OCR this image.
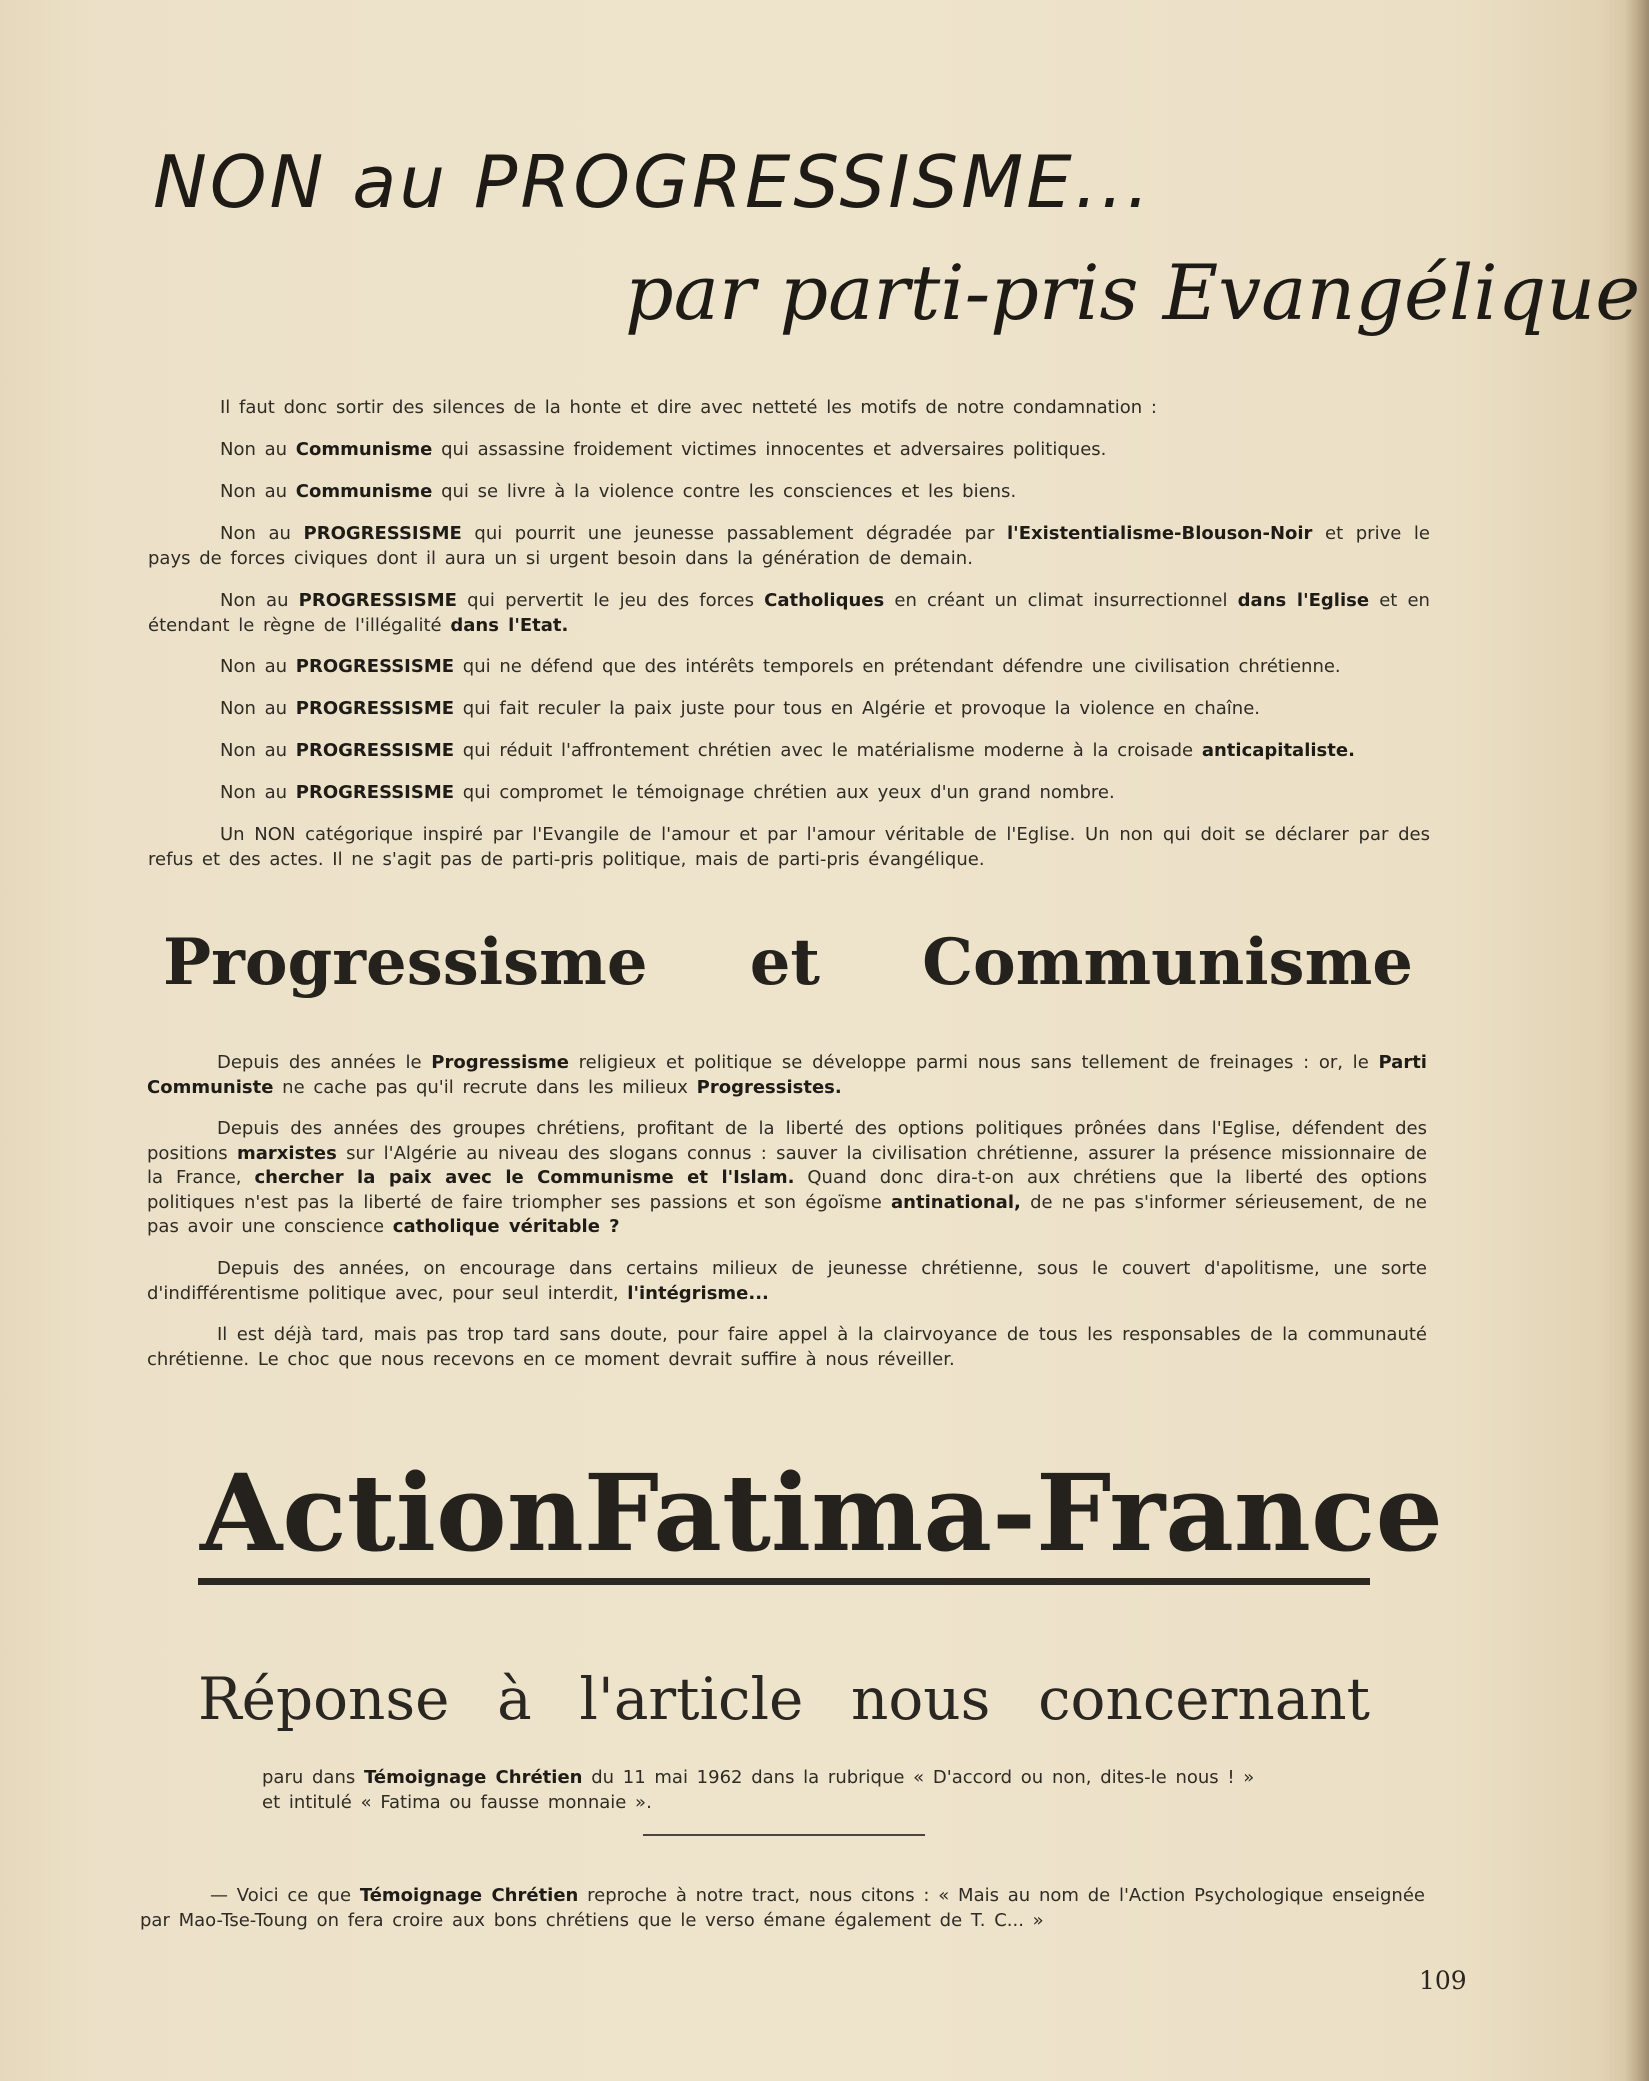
NON au PROGRESSISME...
par parti-pris Evangélique
Il faut donc sortir des silences de la honte et dire avec netteté les motifs de notre condamnation :
Non au Communisme qui assassine froidement victimes innocentes et adversaires politiques.
Non au Communisme qui se livre à la violence contre les consciences et les biens.
Non au PROGRESSISME qui pourrit une jeunesse passablement dégradée par l'Existentialisme-Blouson-Noir et prive le pays de forces civiques dont il aura un si urgent besoin dans la génération de demain.
Non au PROGRESSISME qui pervertit le jeu des forces Catholiques en créant un climat insurrectionnel dans l'Eglise et en étendant le règne de l'illégalité dans l'Etat.
Non au PROGRESSISME qui ne défend que des intérêts temporels en prétendant défendre une civilisation chrétienne.
Non au PROGRESSISME qui fait reculer la paix juste pour tous en Algérie et provoque la violence en chaîne.
Non au PROGRESSISME qui réduit l'affrontement chrétien avec le matérialisme moderne à la croisade anticapitaliste.
Non au PROGRESSISME qui compromet le témoignage chrétien aux yeux d'un grand nombre.
Un NON catégorique inspiré par l'Evangile de l'amour et par l'amour véritable de l'Eglise. Un non qui doit se déclarer par des refus et des actes. Il ne s'agit pas de parti-pris politique, mais de parti-pris évangélique.
Progressisme et Communisme
Depuis des années le Progressisme religieux et politique se développe parmi nous sans tellement de freinages : or, le Parti Communiste ne cache pas qu'il recrute dans les milieux Progressistes.
Depuis des années des groupes chrétiens, profitant de la liberté des options politiques prônées dans l'Eglise, défendent des positions marxistes sur l'Algérie au niveau des slogans connus : sauver la civilisation chrétienne, assurer la présence missionnaire de la France, chercher la paix avec le Communisme et l'Islam. Quand donc dira-t-on aux chrétiens que la liberté des options politiques n'est pas la liberté de faire triompher ses passions et son égoïsme antinational, de ne pas s'informer sérieusement, de ne pas avoir une conscience catholique véritable ?
Depuis des années, on encourage dans certains milieux de jeunesse chrétienne, sous le couvert d'apolitisme, une sorte d'indifférentisme politique avec, pour seul interdit, l'intégrisme...
Il est déjà tard, mais pas trop tard sans doute, pour faire appel à la clairvoyance de tous les responsables de la communauté chrétienne. Le choc que nous recevons en ce moment devrait suffire à nous réveiller.
Action Fatima-France
Réponse à l'article nous concernant
paru dans Témoignage Chrétien du 11 mai 1962 dans la rubrique « D'accord ou non, dites-le nous ! »
et intitulé « Fatima ou fausse monnaie ».
— Voici ce que Témoignage Chrétien reproche à notre tract, nous citons : « Mais au nom de l'Action Psychologique enseignée par Mao-Tse-Toung on fera croire aux bons chrétiens que le verso émane également de T. C... »
109
